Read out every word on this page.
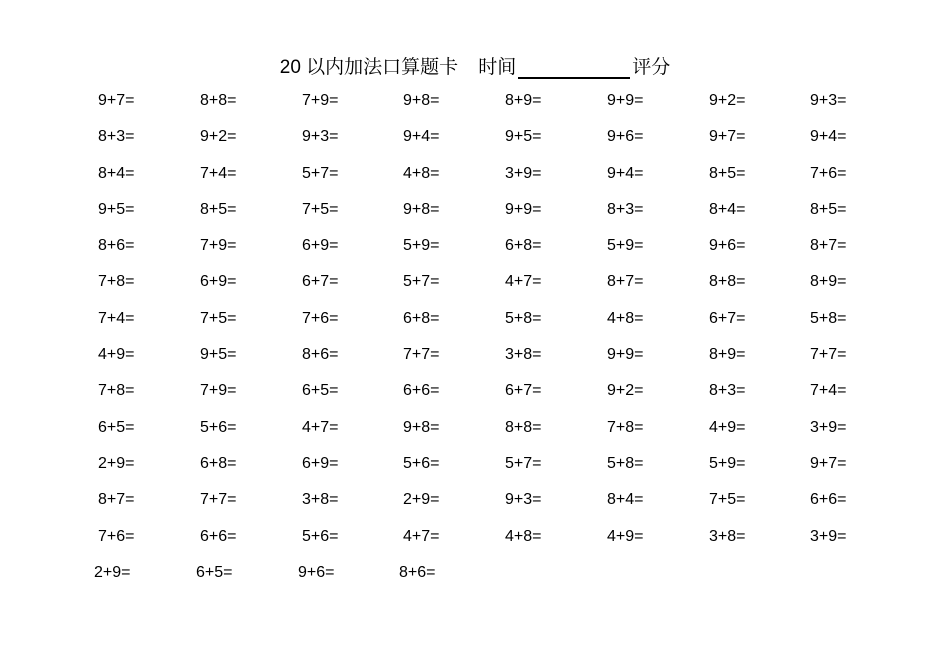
20 以内加法口算题卡 时间	评分
9+7=	8+8=	7+9=	9+8=	8+9=	9+9=	9+2=	9+3=
8+3=	9+2=	9+3=	9+4=	9+5=	9+6=	9+7=	9+4=
8+4=	7+4=	5+7=	4+8=	3+9=	9+4=	8+5=	7+6=
9+5=	8+5=	7+5=	9+8=	9+9=	8+3=	8+4=	8+5=
8+6=	7+9=	6+9=	5+9=	6+8=	5+9=	9+6=	8+7=
7+8=	6+9=	6+7=	5+7=	4+7=	8+7=	8+8=	8+9=
7+4=	7+5=	7+6=	6+8=	5+8=	4+8=	6+7=	5+8=
4+9=	9+5=	8+6=	7+7=	3+8=	9+9=	8+9=	7+7=
7+8=	7+9=	6+5=	6+6=	6+7=	9+2=	8+3=	7+4=
6+5=	5+6=	4+7=	9+8=	8+8=	7+8=	4+9=	3+9=
2+9=	6+8=	6+9=	5+6=	5+7=	5+8=	5+9=	9+7=
8+7=	7+7=	3+8=	2+9=	9+3=	8+4=	7+5=	6+6=
7+6=	6+6=	5+6=	4+7=	4+8=	4+9=	3+8=	3+9=
2+9=	6+5=	9+6=	8+6=
